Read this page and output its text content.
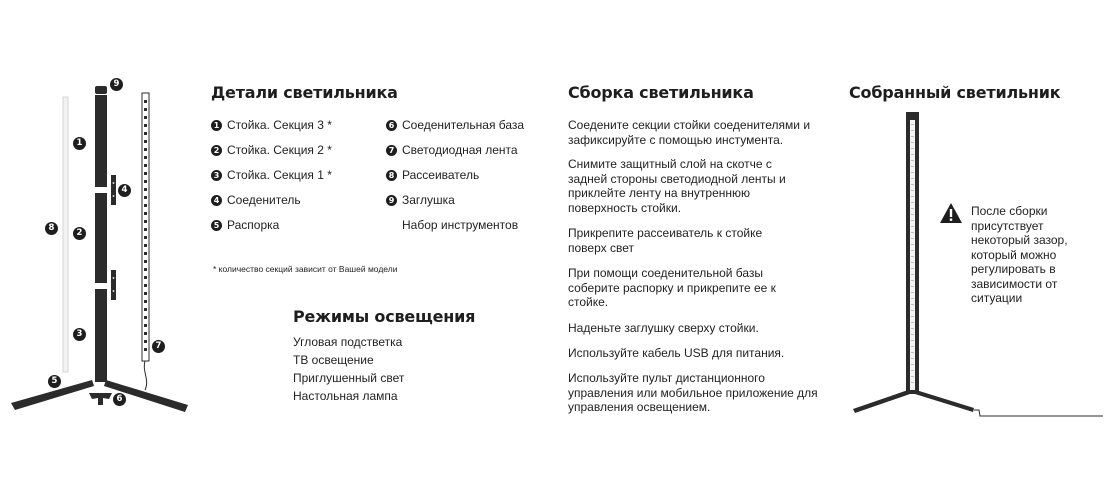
9
1
4
8	2
3
7
5
6
Детали светильника
1 Стойка. Секция 3 *
2 Стойка. Секция 2 *
3 Стойка. Секция 1 *
4 Соеденитель
5 Распорка
6 Соеденительная база
7 Светодиодная лента
8 Рассеиватель
9 Заглушка
Набор инструментов
* количество секций зависит от Вашей модели
Режимы освещения
Угловая подстветка
ТВ освещение
Приглушенный свет
Настольная лампа
Сборка светильника
Соедените секции стойки соеденителями и зафиксируйте с помощью инстумента.
Снимите защитный слой на скотче с задней стороны светодиодной ленты и приклейте ленту на внутреннюю поверхность стойки.
Прикрепите рассеиватель к стойке поверх свет
При помощи соеденительной базы соберите распорку и прикрепите ее к стойке.
Наденьте заглушку сверху стойки.
Используйте кабель USB для питания.
Используйте пульт дистанционного управления или мобильное приложение для управления освещением.
Собранный светильник
После сборки присутствует некоторый зазор, который можно регулировать в зависимости от ситуации
